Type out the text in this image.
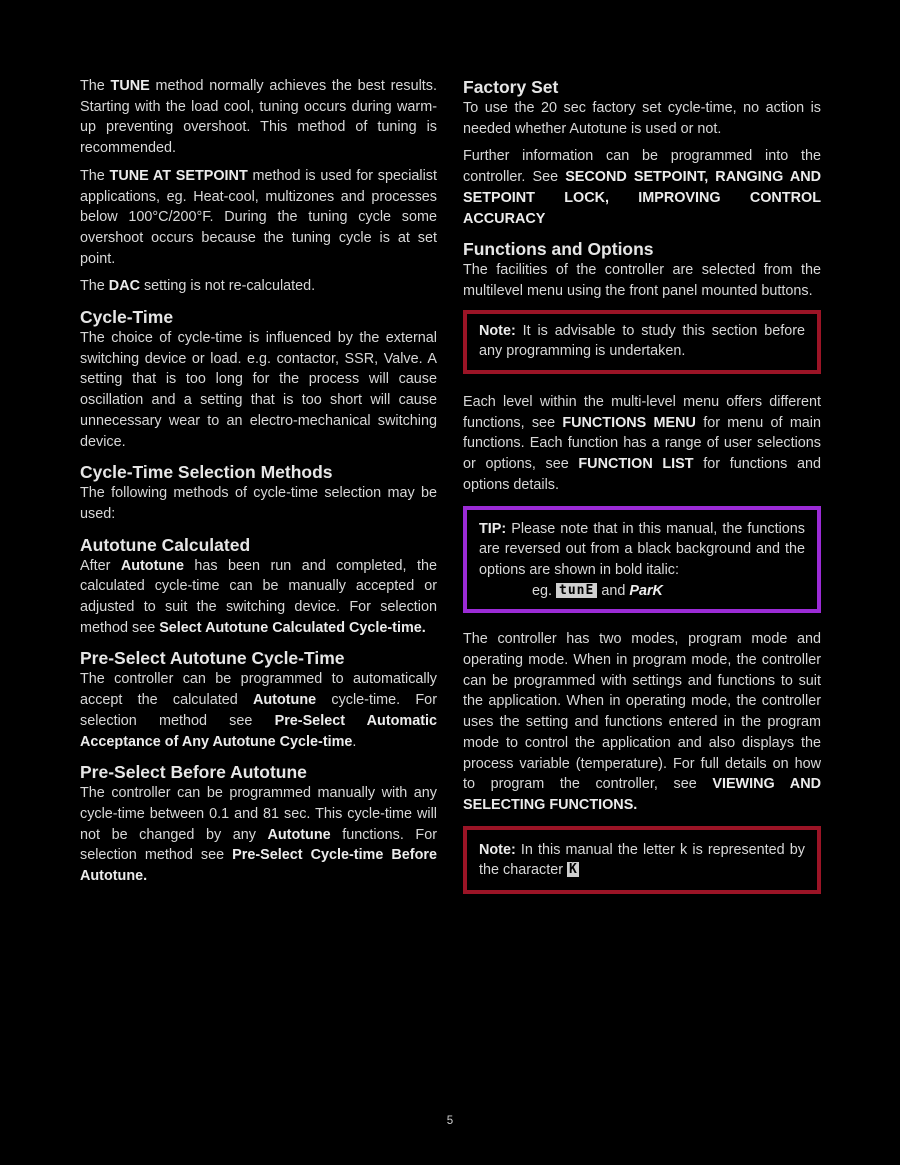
The TUNE method normally achieves the best results. Starting with the load cool, tuning occurs during warm-up preventing overshoot. This method of tuning is recommended.

The TUNE AT SETPOINT method is used for specialist applications, eg. Heat-cool, multizones and processes below 100°C/200°F. During the tuning cycle some overshoot occurs because the tuning cycle is at set point.

The DAC setting is not re-calculated.

Cycle-Time

The choice of cycle-time is influenced by the external switching device or load. e.g. contactor, SSR, Valve. A setting that is too long for the process will cause oscillation and a setting that is too short will cause unnecessary wear to an electro-mechanical switching device.

Cycle-Time Selection Methods

The following methods of cycle-time selection may be used:

Autotune Calculated

After Autotune has been run and completed, the calculated cycle-time can be manually accepted or adjusted to suit the switching device. For selection method see Select Autotune Calculated Cycle-time.

Pre-Select Autotune Cycle-Time

The controller can be programmed to automatically accept the calculated Autotune cycle-time. For selection method see Pre-Select Automatic Acceptance of Any Autotune Cycle-time.

Pre-Select Before Autotune

The controller can be programmed manually with any cycle-time between 0.1 and 81 sec. This cycle-time will not be changed by any Autotune functions. For selection method see Pre-Select Cycle-time Before Autotune.

Factory Set

To use the 20 sec factory set cycle-time, no action is needed whether Autotune is used or not.

Further information can be programmed into the controller. See SECOND SETPOINT, RANGING AND SETPOINT LOCK, IMPROVING CONTROL ACCURACY

Functions and Options

The facilities of the controller are selected from the multilevel menu using the front panel mounted buttons.

Note: It is advisable to study this section before any programming is undertaken.

Each level within the multi-level menu offers different functions, see FUNCTIONS MENU for menu of main functions. Each function has a range of user selections or options, see FUNCTION LIST for functions and options details.

TIP: Please note that in this manual, the functions are reversed out from a black background and the options are shown in bold italic:

eg. tunE and ParK

The controller has two modes, program mode and operating mode. When in program mode, the controller can be programmed with settings and functions to suit the application. When in operating mode, the controller uses the setting and functions entered in the program mode to control the application and also displays the process variable (temperature). For full details on how to program the controller, see VIEWING AND SELECTING FUNCTIONS.

Note: In this manual the letter k is represented by the character Ḱ

5
